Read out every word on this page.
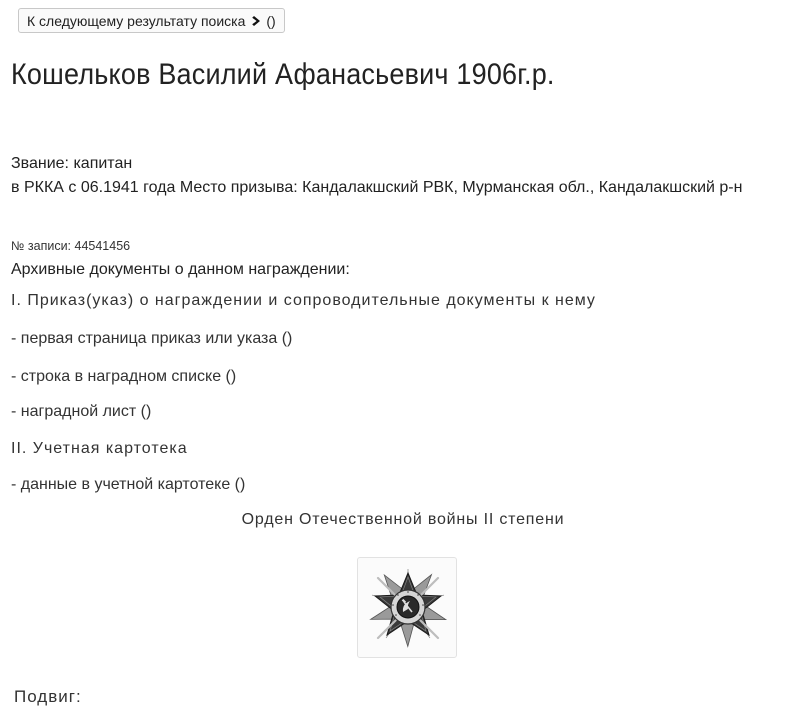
К следующему результату поиска ()
Кошельков Василий Афанасьевич 1906г.р.
Звание: капитан
в РККА с 06.1941 года Место призыва: Кандалакшский РВК, Мурманская обл., Кандалакшский р-н
№ записи: 44541456
Архивные документы о данном награждении:
I. Приказ(указ) о награждении и сопроводительные документы к нему
- первая страница приказ или указа ()
- строка в наградном списке ()
- наградной лист ()
II. Учетная картотека
- данные в учетной картотеке ()
Орден Отечественной войны II степени
Подвиг:
